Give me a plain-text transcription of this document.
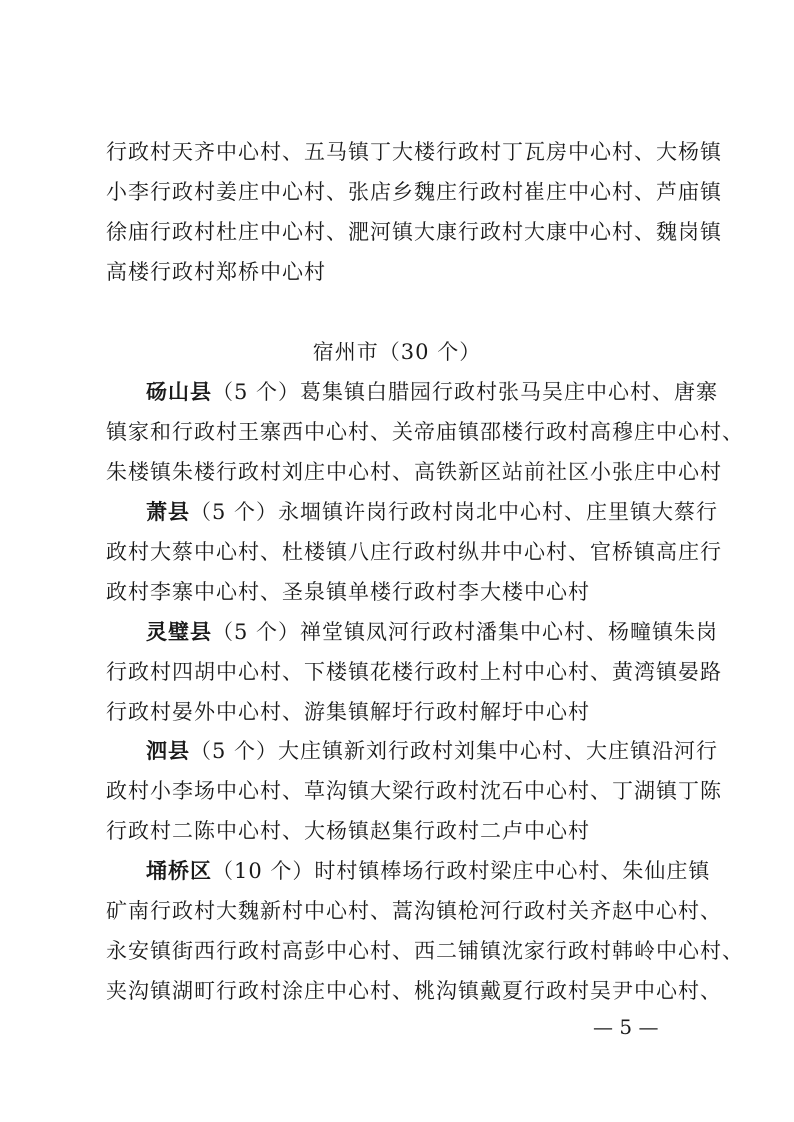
行政村天齐中心村、五马镇丁大楼行政村丁瓦房中心村、大杨镇
小李行政村姜庄中心村、张店乡魏庄行政村崔庄中心村、芦庙镇
徐庙行政村杜庄中心村、淝河镇大康行政村大康中心村、魏岗镇
高楼行政村郑桥中心村
宿州市（30 个）
砀山县（5 个）葛集镇白腊园行政村张马吴庄中心村、唐寨
镇家和行政村王寨西中心村、关帝庙镇邵楼行政村高穆庄中心村、
朱楼镇朱楼行政村刘庄中心村、高铁新区站前社区小张庄中心村
萧县（5 个）永堌镇许岗行政村岗北中心村、庄里镇大蔡行
政村大蔡中心村、杜楼镇八庄行政村纵井中心村、官桥镇高庄行
政村李寨中心村、圣泉镇单楼行政村李大楼中心村
灵璧县（5 个）禅堂镇凤河行政村潘集中心村、杨疃镇朱岗
行政村四胡中心村、下楼镇花楼行政村上村中心村、黄湾镇晏路
行政村晏外中心村、游集镇解圩行政村解圩中心村
泗县（5 个）大庄镇新刘行政村刘集中心村、大庄镇沿河行
政村小李场中心村、草沟镇大梁行政村沈石中心村、丁湖镇丁陈
行政村二陈中心村、大杨镇赵集行政村二卢中心村
埇桥区（10 个）时村镇棒场行政村梁庄中心村、朱仙庄镇
矿南行政村大魏新村中心村、蒿沟镇枪河行政村关齐赵中心村、
永安镇街西行政村高彭中心村、西二铺镇沈家行政村韩岭中心村、
夹沟镇湖町行政村涂庄中心村、桃沟镇戴夏行政村吴尹中心村、
— 5 —
